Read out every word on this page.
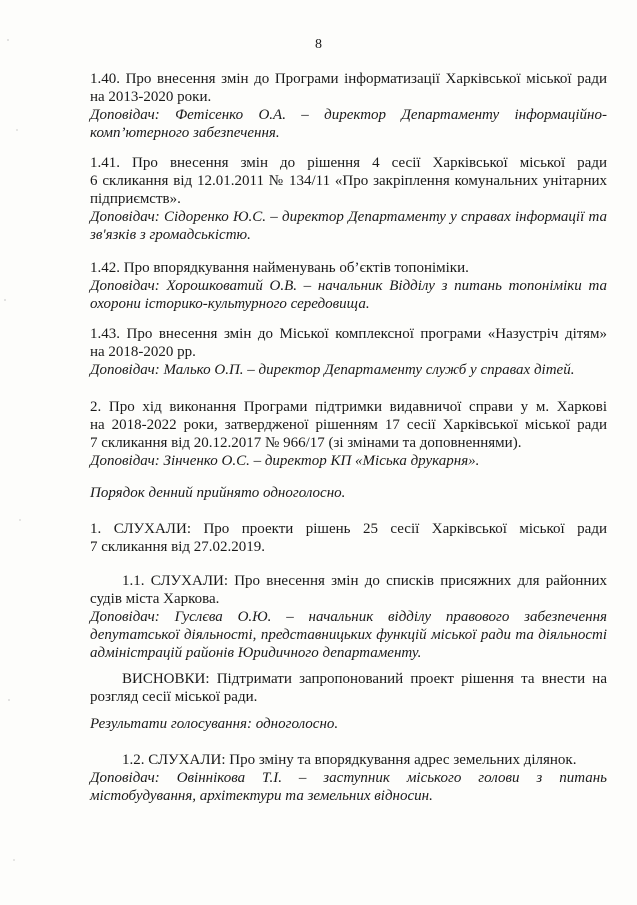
8
1.40. Про внесення змін до Програми інформатизації Харківської міської ради
на 2013-2020 роки.
Доповідач: Фетісенко О.А. – директор Департаменту інформаційно-
комп’ютерного забезпечення.
1.41. Про внесення змін до рішення 4 сесії Харківської міської ради
6 скликання від 12.01.2011 № 134/11 «Про закріплення комунальних унітарних
підприємств».
Доповідач: Сідоренко Ю.С. – директор Департаменту у справах інформації та
зв'язків з громадськістю.
1.42. Про впорядкування найменувань об’єктів топоніміки.
Доповідач: Хорошковатий О.В. – начальник Відділу з питань топоніміки та
охорони історико-культурного середовища.
1.43. Про внесення змін до Міської комплексної програми «Назустріч дітям»
на 2018-2020 рр.
Доповідач: Малько О.П. – директор Департаменту служб у справах дітей.
2. Про хід виконання Програми підтримки видавничої справи у м. Харкові
на 2018-2022 роки, затвердженої рішенням 17 сесії Харківської міської ради
7 скликання від 20.12.2017 № 966/17 (зі змінами та доповненнями).
Доповідач: Зінченко О.С. – директор КП «Міська друкарня».
Порядок денний прийнято одноголосно.
1. СЛУХАЛИ: Про проекти рішень 25 сесії Харківської міської ради
7 скликання від 27.02.2019.
1.1. СЛУХАЛИ: Про внесення змін до списків присяжних для районних
судів міста Харкова.
Доповідач: Гуслєва О.Ю. – начальник відділу правового забезпечення
депутатської діяльності, представницьких функцій міської ради та діяльності
адміністрацій районів Юридичного департаменту.
ВИСНОВКИ: Підтримати запропонований проект рішення та внести на
розгляд сесії міської ради.
Результати голосування: одноголосно.
1.2. СЛУХАЛИ: Про зміну та впорядкування адрес земельних ділянок.
Доповідач: Овіннікова Т.І. – заступник міського голови з питань
містобудування, архітектури та земельних відносин.
